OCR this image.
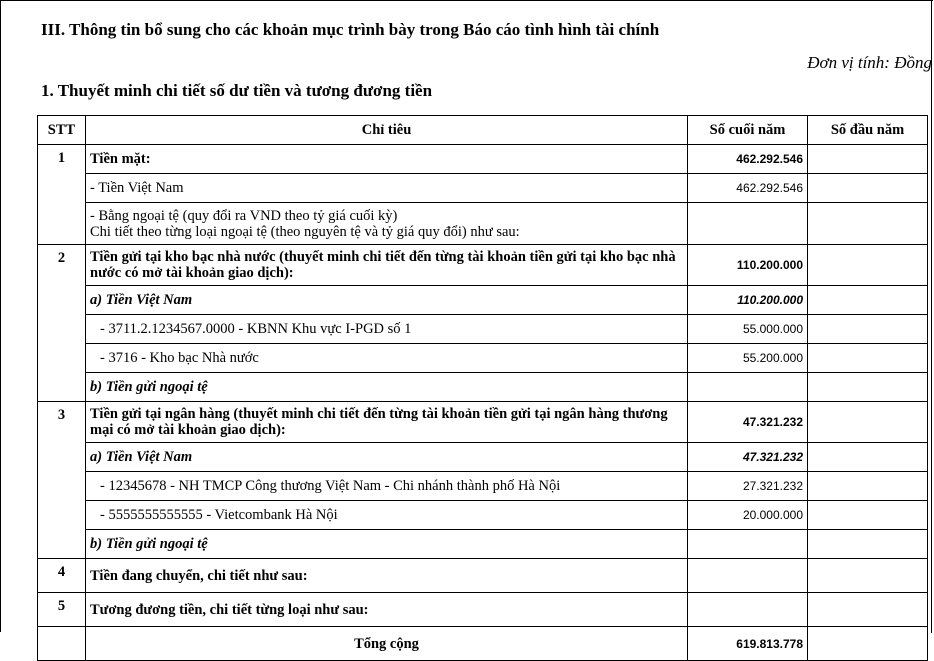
III. Thông tin bổ sung cho các khoản mục trình bày trong Báo cáo tình hình tài chính
Đơn vị tính: Đồng
1. Thuyết minh chi tiết số dư tiền và tương đương tiền
STT	Chỉ tiêu	Số cuối năm	Số đầu năm
1	Tiền mặt:	462.292.546	
	- Tiền Việt Nam	462.292.546	

	- Bằng ngoại tệ (quy đổi ra VND theo tỷ giá cuối kỳ)
Chi tiết theo từng loại ngoại tệ (theo nguyên tệ và tỷ giá quy đổi) như sau:		

2	Tiền gửi tại kho bạc nhà nước (thuyết minh chi tiết đến từng tài khoản tiền gửi tại kho bạc nhà nước có mở tài khoản giao dịch):	110.200.000	
	a) Tiền Việt Nam	110.200.000	
	- 3711.2.1234567.0000 - KBNN Khu vực I-PGD số 1	55.000.000	
	- 3716 - Kho bạc Nhà nước	55.200.000	
	b) Tiền gửi ngoại tệ		
3	Tiền gửi tại ngân hàng (thuyết minh chi tiết đến từng tài khoản tiền gửi tại ngân hàng thương mại có mở tài khoản giao dịch):	47.321.232	
	a) Tiền Việt Nam	47.321.232	
	- 12345678 - NH TMCP Công thương Việt Nam - Chi nhánh thành phố Hà Nội	27.321.232	
	- 5555555555555 - Vietcombank Hà Nội	20.000.000	
	b) Tiền gửi ngoại tệ		
4	Tiền đang chuyển, chi tiết như sau:		
5	Tương đương tiền, chi tiết từng loại như sau:		
	Tổng cộng	619.813.778	
